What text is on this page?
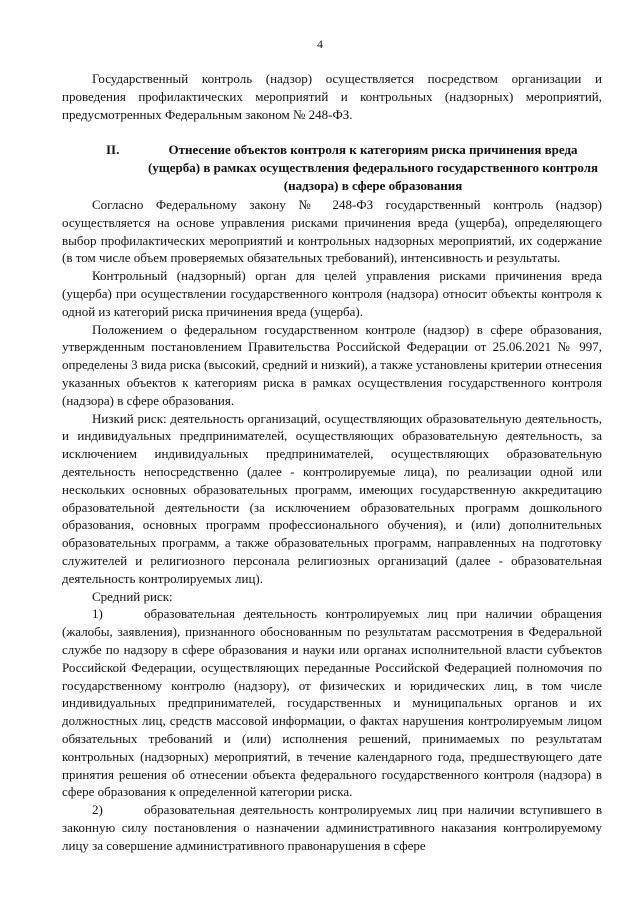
4

Государственный контроль (надзор) осуществляется посредством организации и проведения профилактических мероприятий и контрольных (надзорных) мероприятий, предусмотренных Федеральным законом № 248-ФЗ.

II.	Отнесение объектов контроля к категориям риска причинения вреда (ущерба) в рамках осуществления федерального государственного контроля (надзора) в сфере образования

Согласно Федеральному закону № 248-ФЗ государственный контроль (надзор) осуществляется на основе управления рисками причинения вреда (ущерба), определяющего выбор профилактических мероприятий и контрольных надзорных мероприятий, их содержание (в том числе объем проверяемых обязательных требований), интенсивность и результаты.

Контрольный (надзорный) орган для целей управления рисками причинения вреда (ущерба) при осуществлении государственного контроля (надзора) относит объекты контроля к одной из категорий риска причинения вреда (ущерба).

Положением о федеральном государственном контроле (надзор) в сфере образования, утвержденным постановлением Правительства Российской Федерации от 25.06.2021 № 997, определены 3 вида риска (высокий, средний и низкий), а также установлены критерии отнесения указанных объектов к категориям риска в рамках осуществления государственного контроля (надзора) в сфере образования.

Низкий риск: деятельность организаций, осуществляющих образовательную деятельность, и индивидуальных предпринимателей, осуществляющих образовательную деятельность, за исключением индивидуальных предпринимателей, осуществляющих образовательную деятельность непосредственно (далее - контролируемые лица), по реализации одной или нескольких основных образовательных программ, имеющих государственную аккредитацию образовательной деятельности (за исключением образовательных программ дошкольного образования, основных программ профессионального обучения), и (или) дополнительных образовательных программ, а также образовательных программ, направленных на подготовку служителей и религиозного персонала религиозных организаций (далее - образовательная деятельность контролируемых лиц).

Средний риск:

1)	образовательная деятельность контролируемых лиц при наличии обращения (жалобы, заявления), признанного обоснованным по результатам рассмотрения в Федеральной службе по надзору в сфере образования и науки или органах исполнительной власти субъектов Российской Федерации, осуществляющих переданные Российской Федерацией полномочия по государственному контролю (надзору), от физических и юридических лиц, в том числе индивидуальных предпринимателей, государственных и муниципальных органов и их должностных лиц, средств массовой информации, о фактах нарушения контролируемым лицом обязательных требований и (или) исполнения решений, принимаемых по результатам контрольных (надзорных) мероприятий, в течение календарного года, предшествующего дате принятия решения об отнесении объекта федерального государственного контроля (надзора) в сфере образования к определенной категории риска.

2)	образовательная деятельность контролируемых лиц при наличии вступившего в законную силу постановления о назначении административного наказания контролируемому лицу за совершение административного правонарушения в сфере
